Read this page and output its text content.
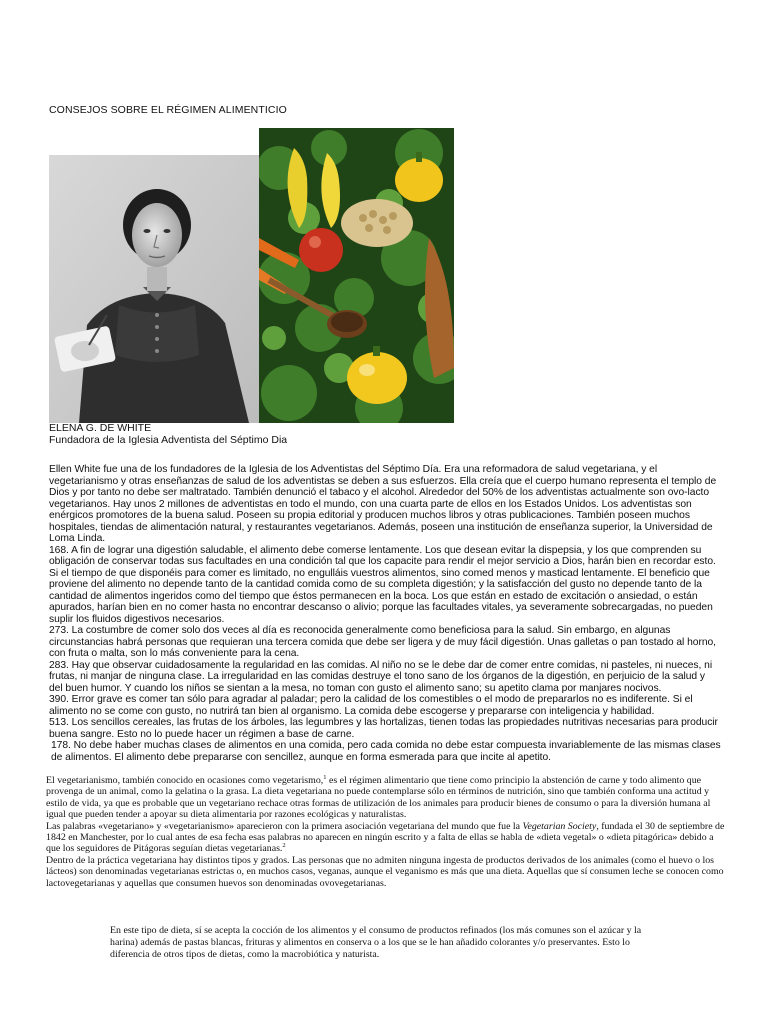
CONSEJOS SOBRE EL RÉGIMEN ALIMENTICIO
ELENA G. DE WHITE
Fundadora de la Iglesia Adventista del Séptimo Dia

Ellen White fue una de los fundadores de la Iglesia de los Adventistas del Séptimo Día. Era una reformadora de salud vegetariana, y el vegetarianismo y otras enseñanzas de salud de los adventistas se deben a sus esfuerzos. Ella creía que el cuerpo humano representa el templo de Dios y por tanto no debe ser maltratado. También denunció el tabaco y el alcohol. Alrededor del 50% de los adventistas actualmente son ovo-lacto vegetarianos. Hay unos 2 millones de adventistas en todo el mundo, con una cuarta parte de ellos en los Estados Unidos. Los adventistas son enérgicos promotores de la buena salud. Poseen su propia editorial y producen muchos libros y otras publicaciones. También poseen muchos hospitales, tiendas de alimentación natural, y restaurantes vegetarianos. Además, poseen una institución de enseñanza superior, la Universidad de Loma Linda.

168. A fin de lograr una digestión saludable, el alimento debe comerse lentamente. Los que desean evitar la dispepsia, y los que comprenden su obligación de conservar todas sus facultades en una condición tal que los capacite para rendir el mejor servicio a Dios, harán bien en recordar esto. Si el tiempo de que disponéis para comer es limitado, no engulláis vuestros alimentos, sino comed menos y masticad lentamente. El beneficio que proviene del alimento no depende tanto de la cantidad comida como de su completa digestión; y la satisfacción del gusto no depende tanto de la cantidad de alimentos ingeridos como del tiempo que éstos permanecen en la boca. Los que están en estado de excitación o ansiedad, o están apurados, harían bien en no comer hasta no encontrar descanso o alivio; porque las facultades vitales, ya severamente sobrecargadas, no pueden suplir los fluidos digestivos necesarios.

273. La costumbre de comer solo dos veces al día es reconocida generalmente como beneficiosa para la salud. Sin embargo, en algunas circunstancias habrá personas que requieran una tercera comida que debe ser ligera y de muy fácil digestión. Unas galletas o pan tostado al horno, con fruta o malta, son lo más conveniente para la cena.

283. Hay que observar cuidadosamente la regularidad en las comidas. Al niño no se le debe dar de comer entre comidas, ni pasteles, ni nueces, ni frutas, ni manjar de ninguna clase. La irregularidad en las comidas destruye el tono sano de los órganos de la digestión, en perjuicio de la salud y del buen humor. Y cuando los niños se sientan a la mesa, no toman con gusto el alimento sano; su apetito clama por manjares nocivos.

390. Error grave es comer tan sólo para agradar al paladar; pero la calidad de los comestibles o el modo de prepararlos no es indiferente. Si el alimento no se come con gusto, no nutrirá tan bien al organismo. La comida debe escogerse y prepararse con inteligencia y habilidad.

513. Los sencillos cereales, las frutas de los árboles, las legumbres y las hortalizas, tienen todas las propiedades nutritivas necesarias para producir buena sangre. Esto no lo puede hacer un régimen a base de carne.

178. No debe haber muchas clases de alimentos en una comida, pero cada comida no debe estar compuesta invariablemente de las mismas clases de alimentos. El alimento debe prepararse con sencillez, aunque en forma esmerada para que incite al apetito.

El vegetarianismo, también conocido en ocasiones como vegetarismo,$^1$ es el régimen alimentario que tiene como principio la abstención de carne y todo alimento que provenga de un animal, como la gelatina o la grasa. La dieta vegetariana no puede contemplarse sólo en términos de nutrición, sino que también conforma una actitud y estilo de vida, ya que es probable que un vegetariano rechace otras formas de utilización de los animales para producir bienes de consumo o para la diversión humana al igual que pueden tender a apoyar su dieta alimentaria por razones ecológicas y naturalistas.

Las palabras «vegetariano» y «vegetarianismo» aparecieron con la primera asociación vegetariana del mundo que fue la Vegetarian Society, fundada el 30 de septiembre de 1842 en Manchester, por lo cual antes de esa fecha esas palabras no aparecen en ningún escrito y a falta de ellas se habla de «dieta vegetal» o «dieta pitagórica» debido a que los seguidores de Pitágoras seguían dietas vegetarianas.$^2$

Dentro de la práctica vegetariana hay distintos tipos y grados. Las personas que no admiten ninguna ingesta de productos derivados de los animales (como el huevo o los lácteos) son denominadas vegetarianas estrictas o, en muchos casos, veganas, aunque el veganismo es más que una dieta. Aquellas que sí consumen leche se conocen como lactovegetarianas y aquellas que consumen huevos son denominadas ovovegetarianas.

En este tipo de dieta, sí se acepta la cocción de los alimentos y el consumo de productos refinados (los más comunes son el azúcar y la harina) además de pastas blancas, frituras y alimentos en conserva o a los que se le han añadido colorantes y/o preservantes. Esto lo diferencia de otros tipos de dietas, como la macrobiótica y naturista.
